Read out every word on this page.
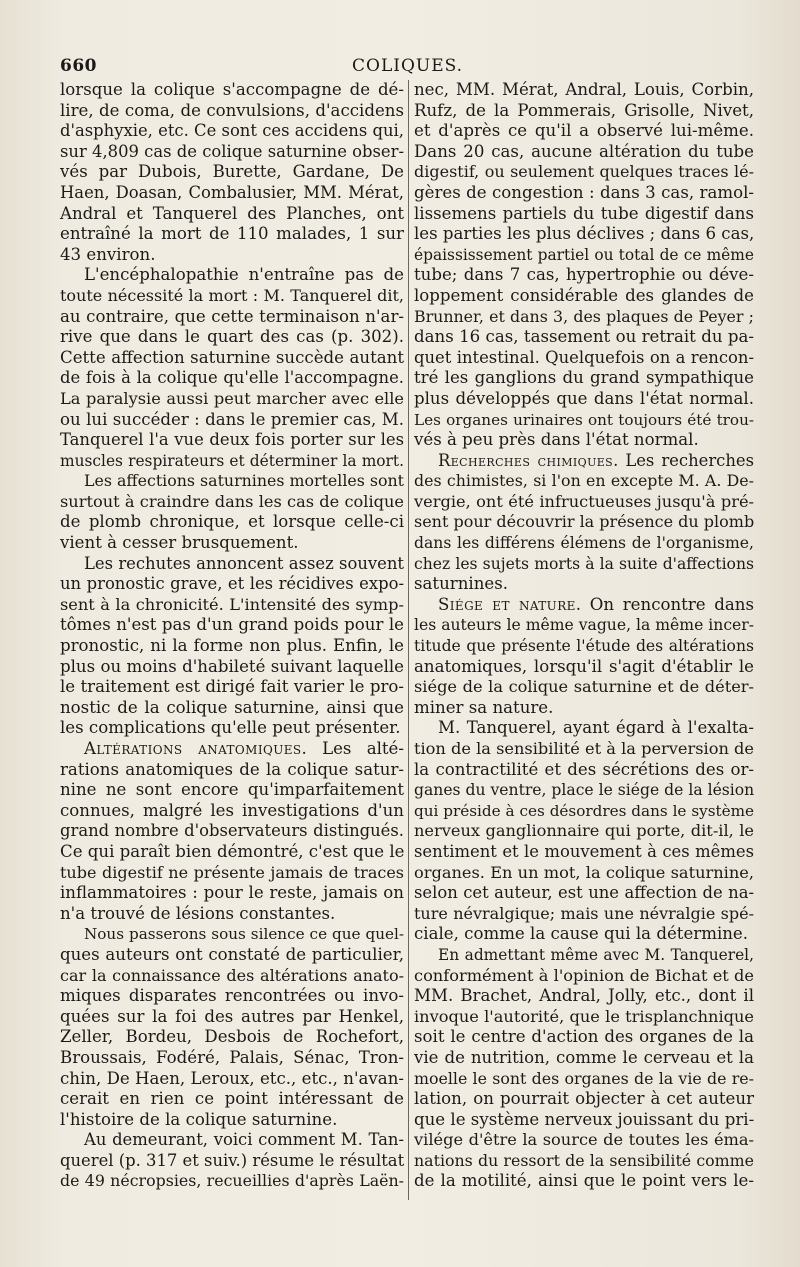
660	COLIQUES.
lorsque la colique s'accompagne de dé-
lire, de coma, de convulsions, d'accidens
d'asphyxie, etc. Ce sont ces accidens qui,
sur 4,809 cas de colique saturnine obser-
vés par Dubois, Burette, Gardane, De
Haen, Doasan, Combalusier, MM. Mérat,
Andral et Tanquerel des Planches, ont
entraîné la mort de 110 malades, 1 sur
43 environ.
L'encéphalopathie n'entraîne pas de
toute nécessité la mort : M. Tanquerel dit,
au contraire, que cette terminaison n'ar-
rive que dans le quart des cas (p. 302).
Cette affection saturnine succède autant
de fois à la colique qu'elle l'accompagne.
La paralysie aussi peut marcher avec elle
ou lui succéder : dans le premier cas, M.
Tanquerel l'a vue deux fois porter sur les
muscles respirateurs et déterminer la mort.
Les affections saturnines mortelles sont
surtout à craindre dans les cas de colique
de plomb chronique, et lorsque celle-ci
vient à cesser brusquement.
Les rechutes annoncent assez souvent
un pronostic grave, et les récidives expo-
sent à la chronicité. L'intensité des symp-
tômes n'est pas d'un grand poids pour le
pronostic, ni la forme non plus. Enfin, le
plus ou moins d'habileté suivant laquelle
le traitement est dirigé fait varier le pro-
nostic de la colique saturnine, ainsi que
les complications qu'elle peut présenter.
Altérations anatomiques. Les alté-
rations anatomiques de la colique satur-
nine ne sont encore qu'imparfaitement
connues, malgré les investigations d'un
grand nombre d'observateurs distingués.
Ce qui paraît bien démontré, c'est que le
tube digestif ne présente jamais de traces
inflammatoires : pour le reste, jamais on
n'a trouvé de lésions constantes.
Nous passerons sous silence ce que quel-
ques auteurs ont constaté de particulier,
car la connaissance des altérations anato-
miques disparates rencontrées ou invo-
quées sur la foi des autres par Henkel,
Zeller, Bordeu, Desbois de Rochefort,
Broussais, Fodéré, Palais, Sénac, Tron-
chin, De Haen, Leroux, etc., etc., n'avan-
cerait en rien ce point intéressant de
l'histoire de la colique saturnine.
Au demeurant, voici comment M. Tan-
querel (p. 317 et suiv.) résume le résultat
de 49 nécropsies, recueillies d'après Laën-
nec, MM. Mérat, Andral, Louis, Corbin,
Rufz, de la Pommerais, Grisolle, Nivet,
et d'après ce qu'il a observé lui-même.
Dans 20 cas, aucune altération du tube
digestif, ou seulement quelques traces lé-
gères de congestion : dans 3 cas, ramol-
lissemens partiels du tube digestif dans
les parties les plus déclives ; dans 6 cas,
épaississement partiel ou total de ce même
tube; dans 7 cas, hypertrophie ou déve-
loppement considérable des glandes de
Brunner, et dans 3, des plaques de Peyer ;
dans 16 cas, tassement ou retrait du pa-
quet intestinal. Quelquefois on a rencon-
tré les ganglions du grand sympathique
plus développés que dans l'état normal.
Les organes urinaires ont toujours été trou-
vés à peu près dans l'état normal.
Recherches chimiques. Les recherches
des chimistes, si l'on en excepte M. A. De-
vergie, ont été infructueuses jusqu'à pré-
sent pour découvrir la présence du plomb
dans les différens élémens de l'organisme,
chez les sujets morts à la suite d'affections
saturnines.
Siége et nature. On rencontre dans
les auteurs le même vague, la même incer-
titude que présente l'étude des altérations
anatomiques, lorsqu'il s'agit d'établir le
siége de la colique saturnine et de déter-
miner sa nature.
M. Tanquerel, ayant égard à l'exalta-
tion de la sensibilité et à la perversion de
la contractilité et des sécrétions des or-
ganes du ventre, place le siége de la lésion
qui préside à ces désordres dans le système
nerveux ganglionnaire qui porte, dit-il, le
sentiment et le mouvement à ces mêmes
organes. En un mot, la colique saturnine,
selon cet auteur, est une affection de na-
ture névralgique; mais une névralgie spé-
ciale, comme la cause qui la détermine.
En admettant même avec M. Tanquerel,
conformément à l'opinion de Bichat et de
MM. Brachet, Andral, Jolly, etc., dont il
invoque l'autorité, que le trisplanchnique
soit le centre d'action des organes de la
vie de nutrition, comme le cerveau et la
moelle le sont des organes de la vie de re-
lation, on pourrait objecter à cet auteur
que le système nerveux jouissant du pri-
vilége d'être la source de toutes les éma-
nations du ressort de la sensibilité comme
de la motilité, ainsi que le point vers le-
